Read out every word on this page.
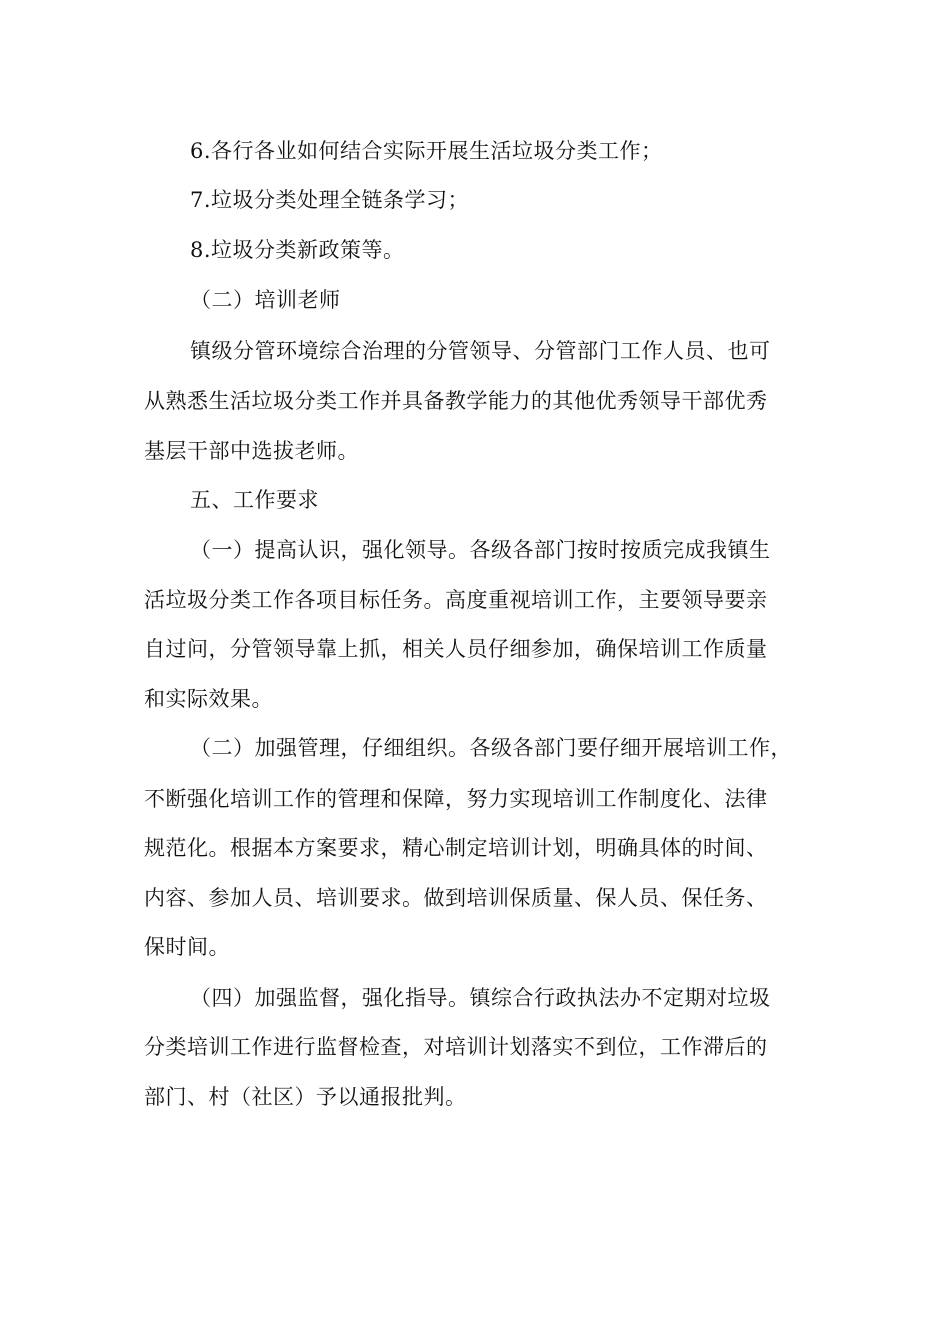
6.各行各业如何结合实际开展生活垃圾分类工作；

7.垃圾分类处理全链条学习；

8.垃圾分类新政策等。

（二）培训老师

镇级分管环境综合治理的分管领导、分管部门工作人员、也可

从熟悉生活垃圾分类工作并具备教学能力的其他优秀领导干部优秀

基层干部中选拔老师。

五、工作要求

（一）提高认识，强化领导。各级各部门按时按质完成我镇生

活垃圾分类工作各项目标任务。高度重视培训工作，主要领导要亲

自过问，分管领导靠上抓，相关人员仔细参加，确保培训工作质量

和实际效果。

（二）加强管理，仔细组织。各级各部门要仔细开展培训工作，

不断强化培训工作的管理和保障，努力实现培训工作制度化、法律

规范化。根据本方案要求，精心制定培训计划，明确具体的时间、

内容、参加人员、培训要求。做到培训保质量、保人员、保任务、

保时间。

（四）加强监督，强化指导。镇综合行政执法办不定期对垃圾

分类培训工作进行监督检查，对培训计划落实不到位，工作滞后的

部门、村（社区）予以通报批判。
